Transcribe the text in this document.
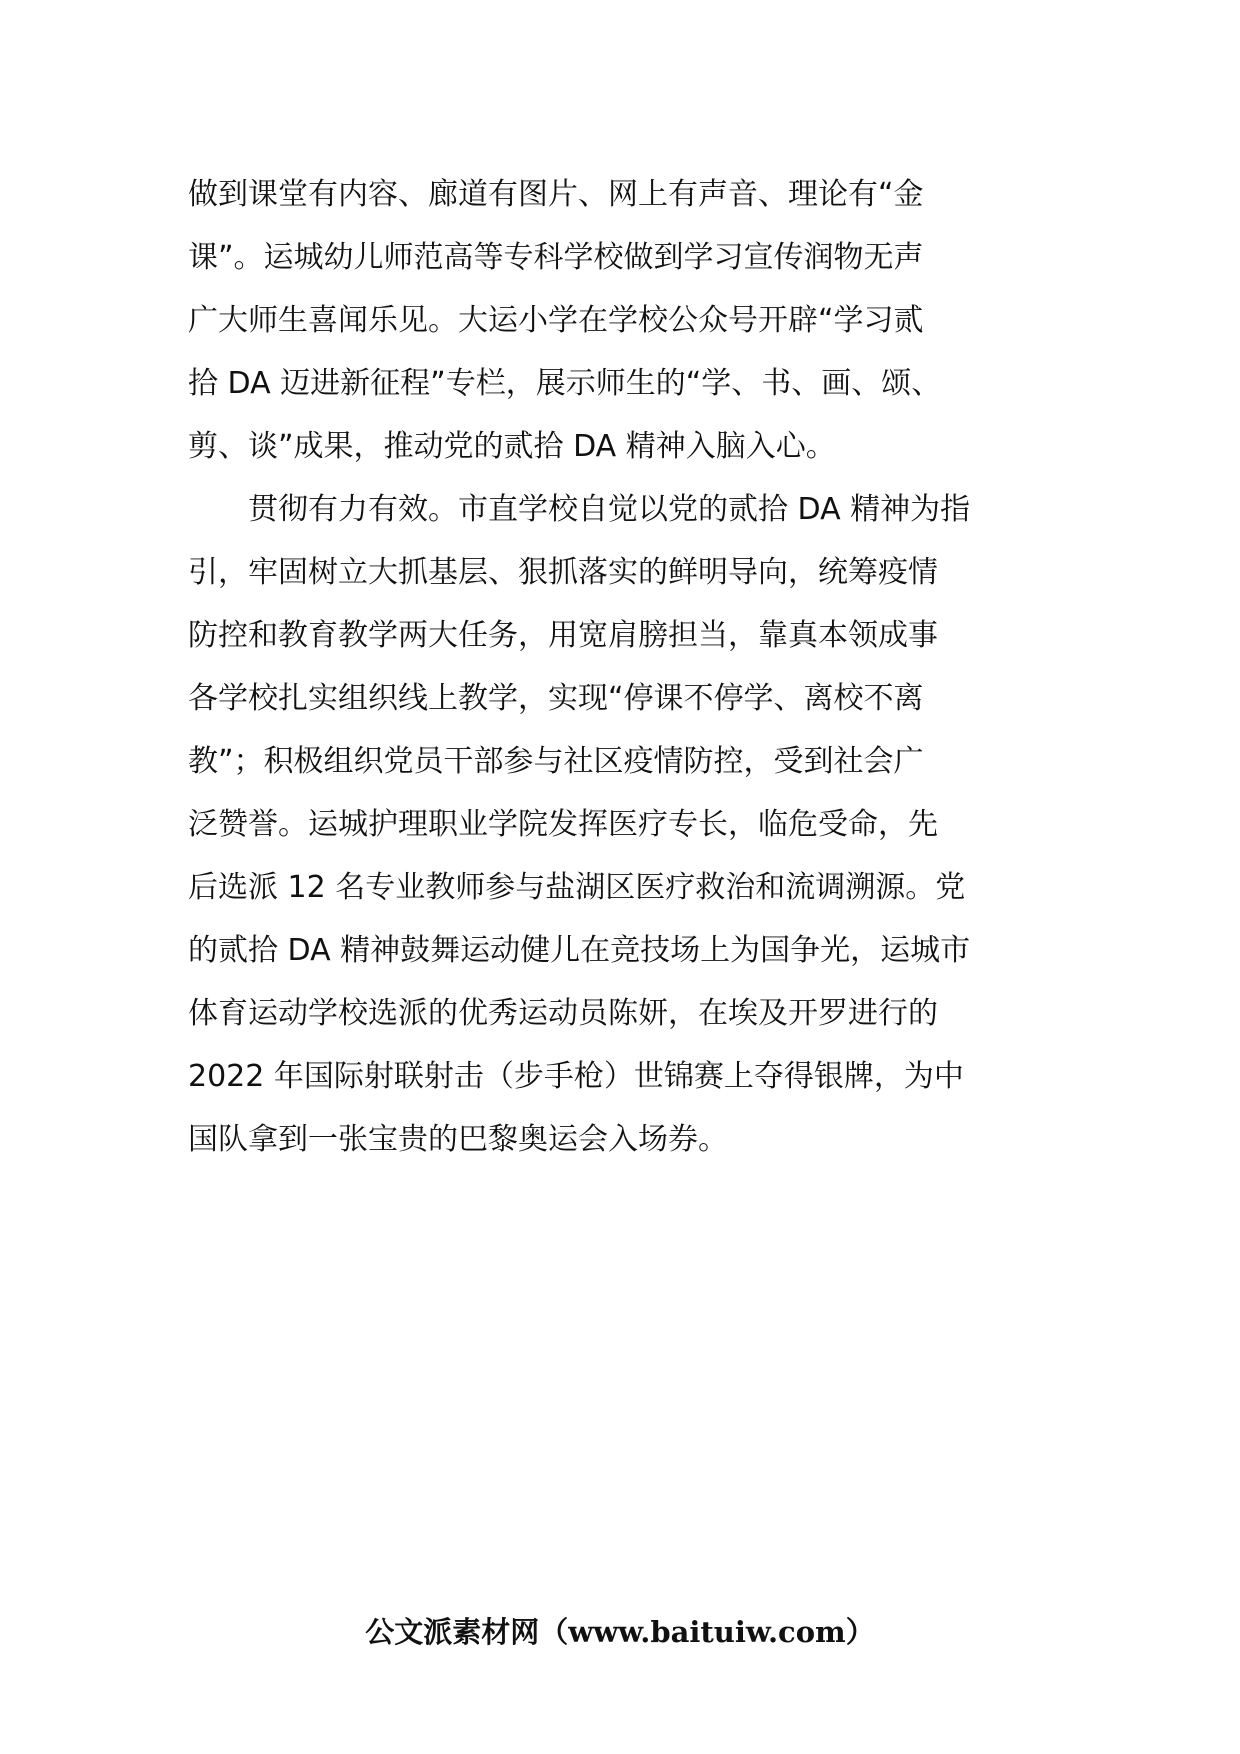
做到课堂有内容、廊道有图片、网上有声音、理论有“金
课”。运城幼儿师范高等专科学校做到学习宣传润物无声
广大师生喜闻乐见。大运小学在学校公众号开辟“学习贰
拾 DA 迈进新征程”专栏，展示师生的“学、书、画、颂、
剪、谈”成果，推动党的贰拾 DA 精神入脑入心。
　　贯彻有力有效。市直学校自觉以党的贰拾 DA 精神为指
引，牢固树立大抓基层、狠抓落实的鲜明导向，统筹疫情
防控和教育教学两大任务，用宽肩膀担当，靠真本领成事
各学校扎实组织线上教学，实现“停课不停学、离校不离
教”；积极组织党员干部参与社区疫情防控，受到社会广
泛赞誉。运城护理职业学院发挥医疗专长，临危受命，先
后选派 12 名专业教师参与盐湖区医疗救治和流调溯源。党
的贰拾 DA 精神鼓舞运动健儿在竞技场上为国争光，运城市
体育运动学校选派的优秀运动员陈妍，在埃及开罗进行的
2022 年国际射联射击（步手枪）世锦赛上夺得银牌，为中
国队拿到一张宝贵的巴黎奥运会入场券。
公文派素材网（www.baituiw.com）
